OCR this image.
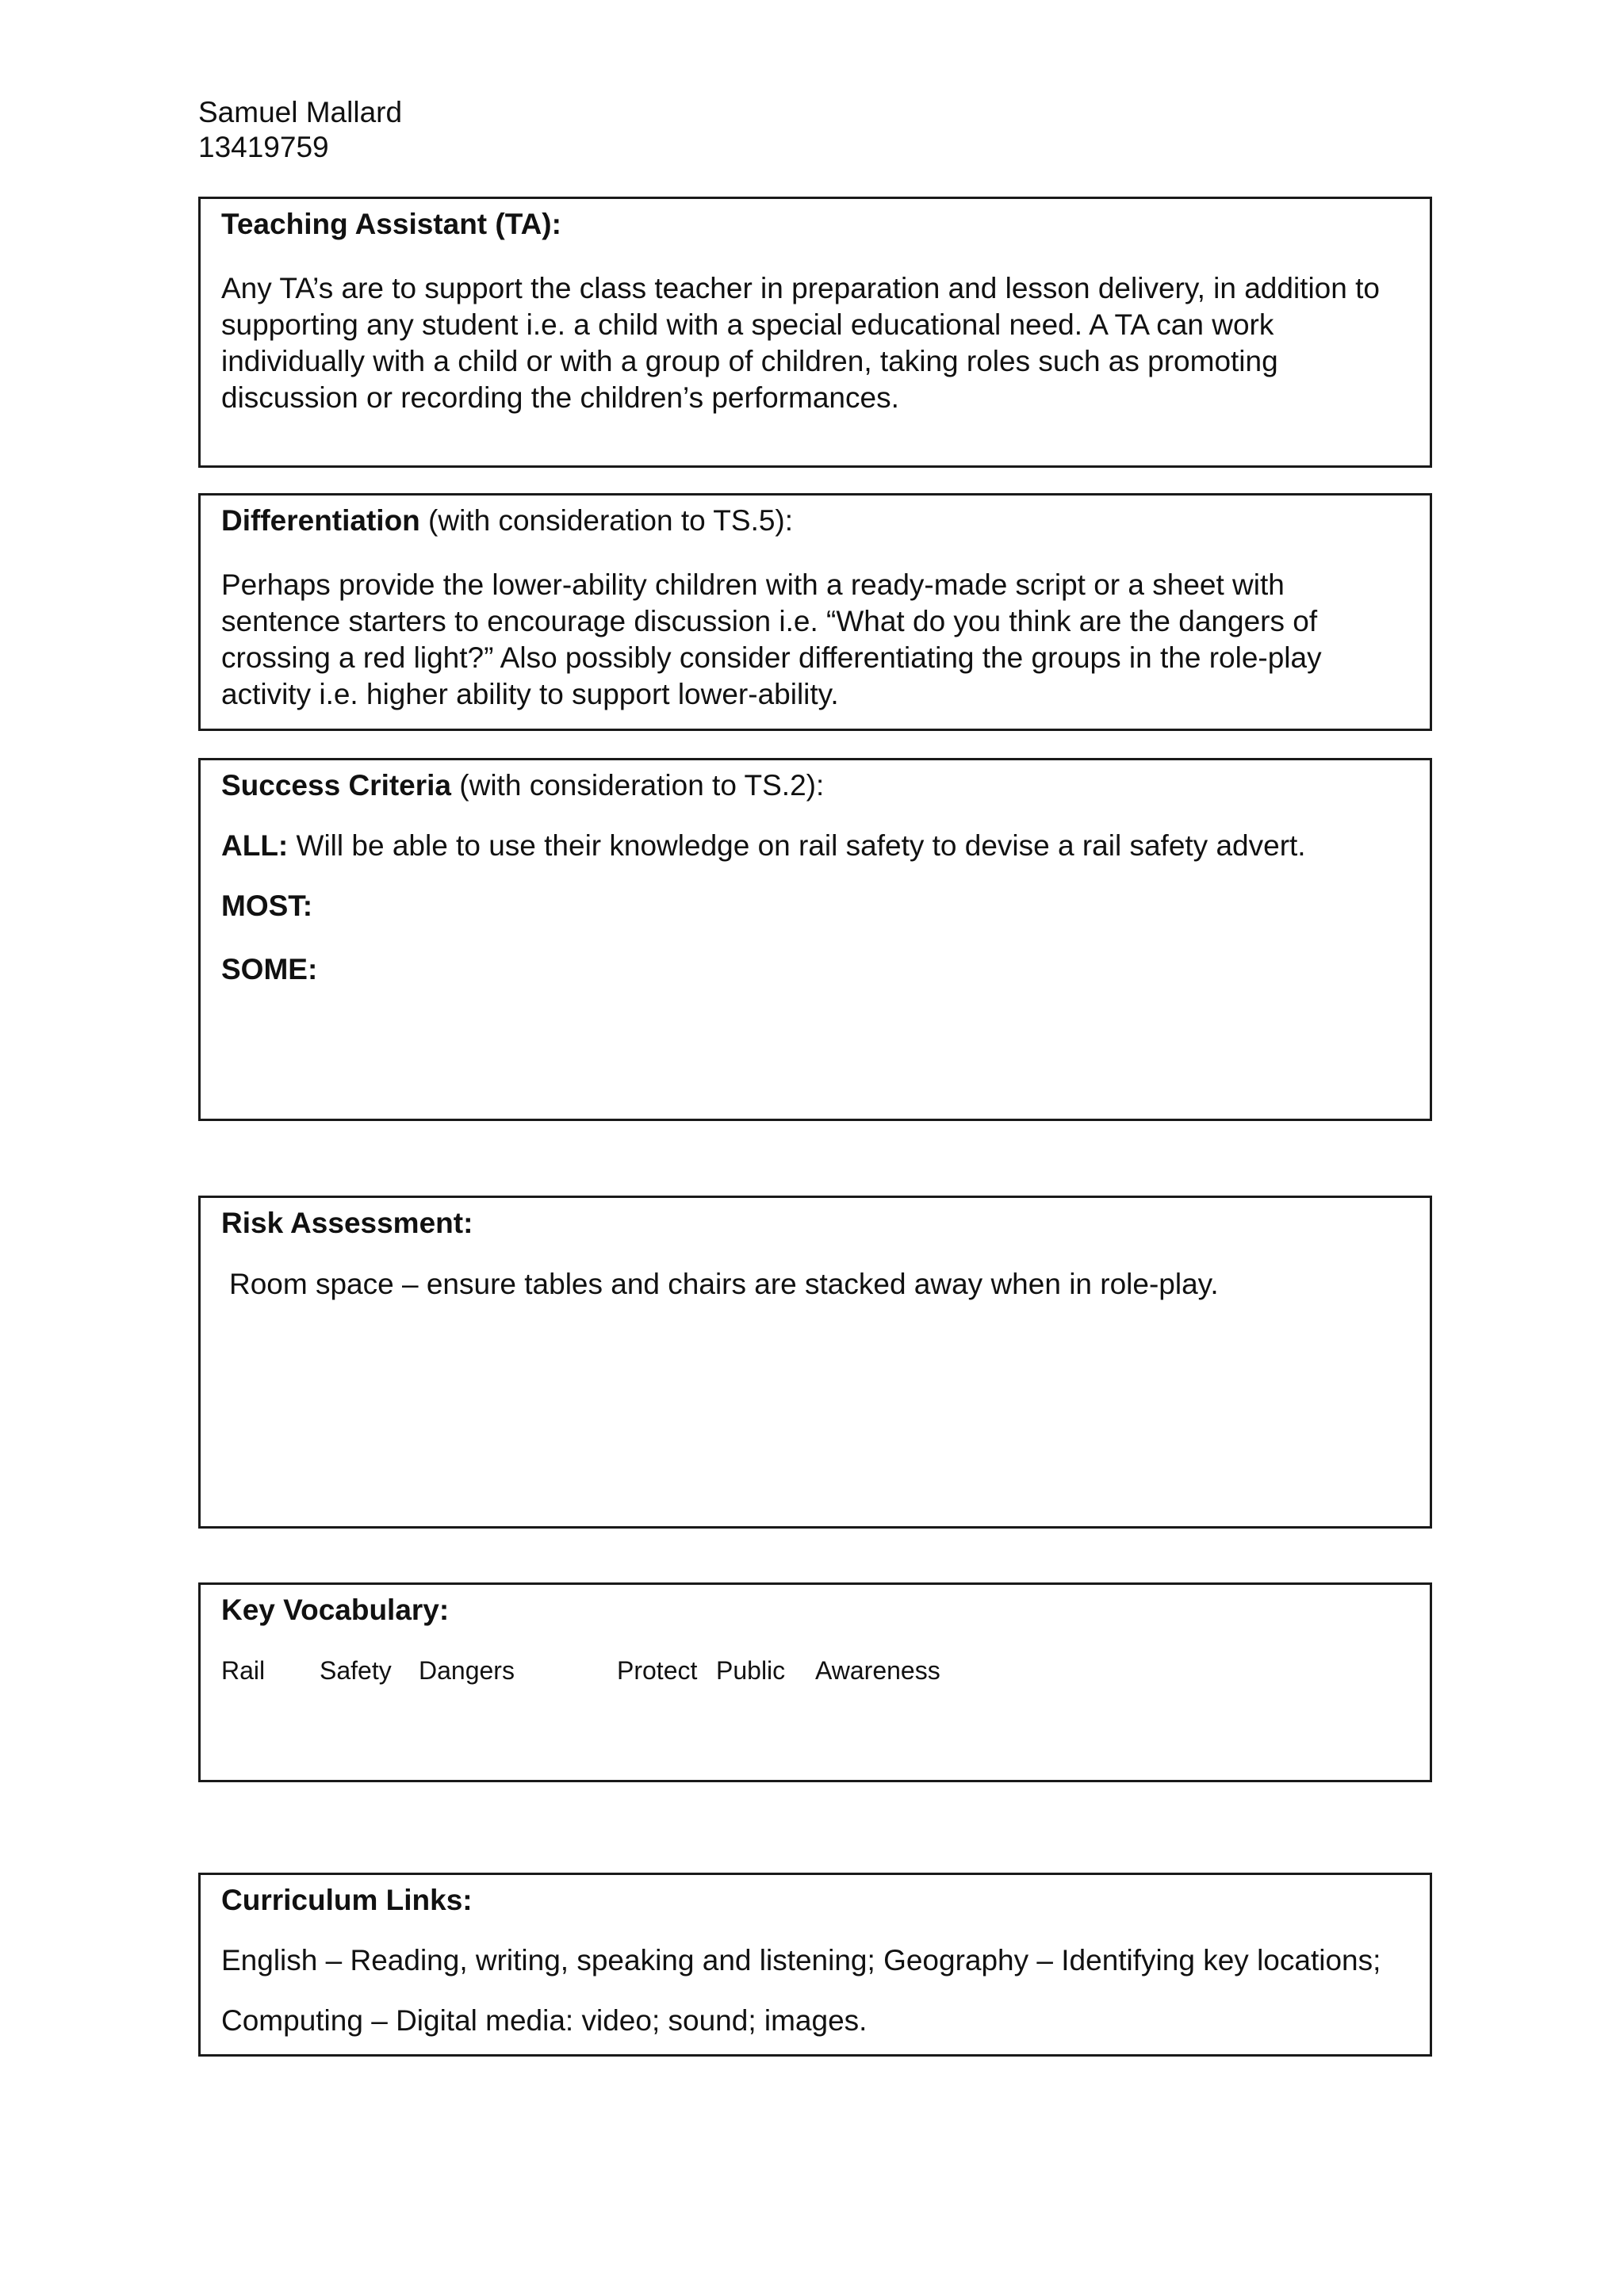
Samuel Mallard
13419759
Teaching Assistant (TA):
Any TA’s are to support the class teacher in preparation and lesson delivery, in addition to supporting any student i.e. a child with a special educational need. A TA can work individually with a child or with a group of children, taking roles such as promoting discussion or recording the children’s performances.
Differentiation (with consideration to TS.5):
Perhaps provide the lower-ability children with a ready-made script or a sheet with sentence starters to encourage discussion i.e. “What do you think are the dangers of crossing a red light?” Also possibly consider differentiating the groups in the role-play activity i.e. higher ability to support lower-ability.
Success Criteria (with consideration to TS.2):
ALL: Will be able to use their knowledge on rail safety to devise a rail safety advert.
MOST:
SOME:
Risk Assessment:
Room space – ensure tables and chairs are stacked away when in role-play.
Key Vocabulary:
Rail Safety Dangers	Protect Public Awareness
Curriculum Links:
English – Reading, writing, speaking and listening; Geography – Identifying key locations;
Computing – Digital media: video; sound; images.
